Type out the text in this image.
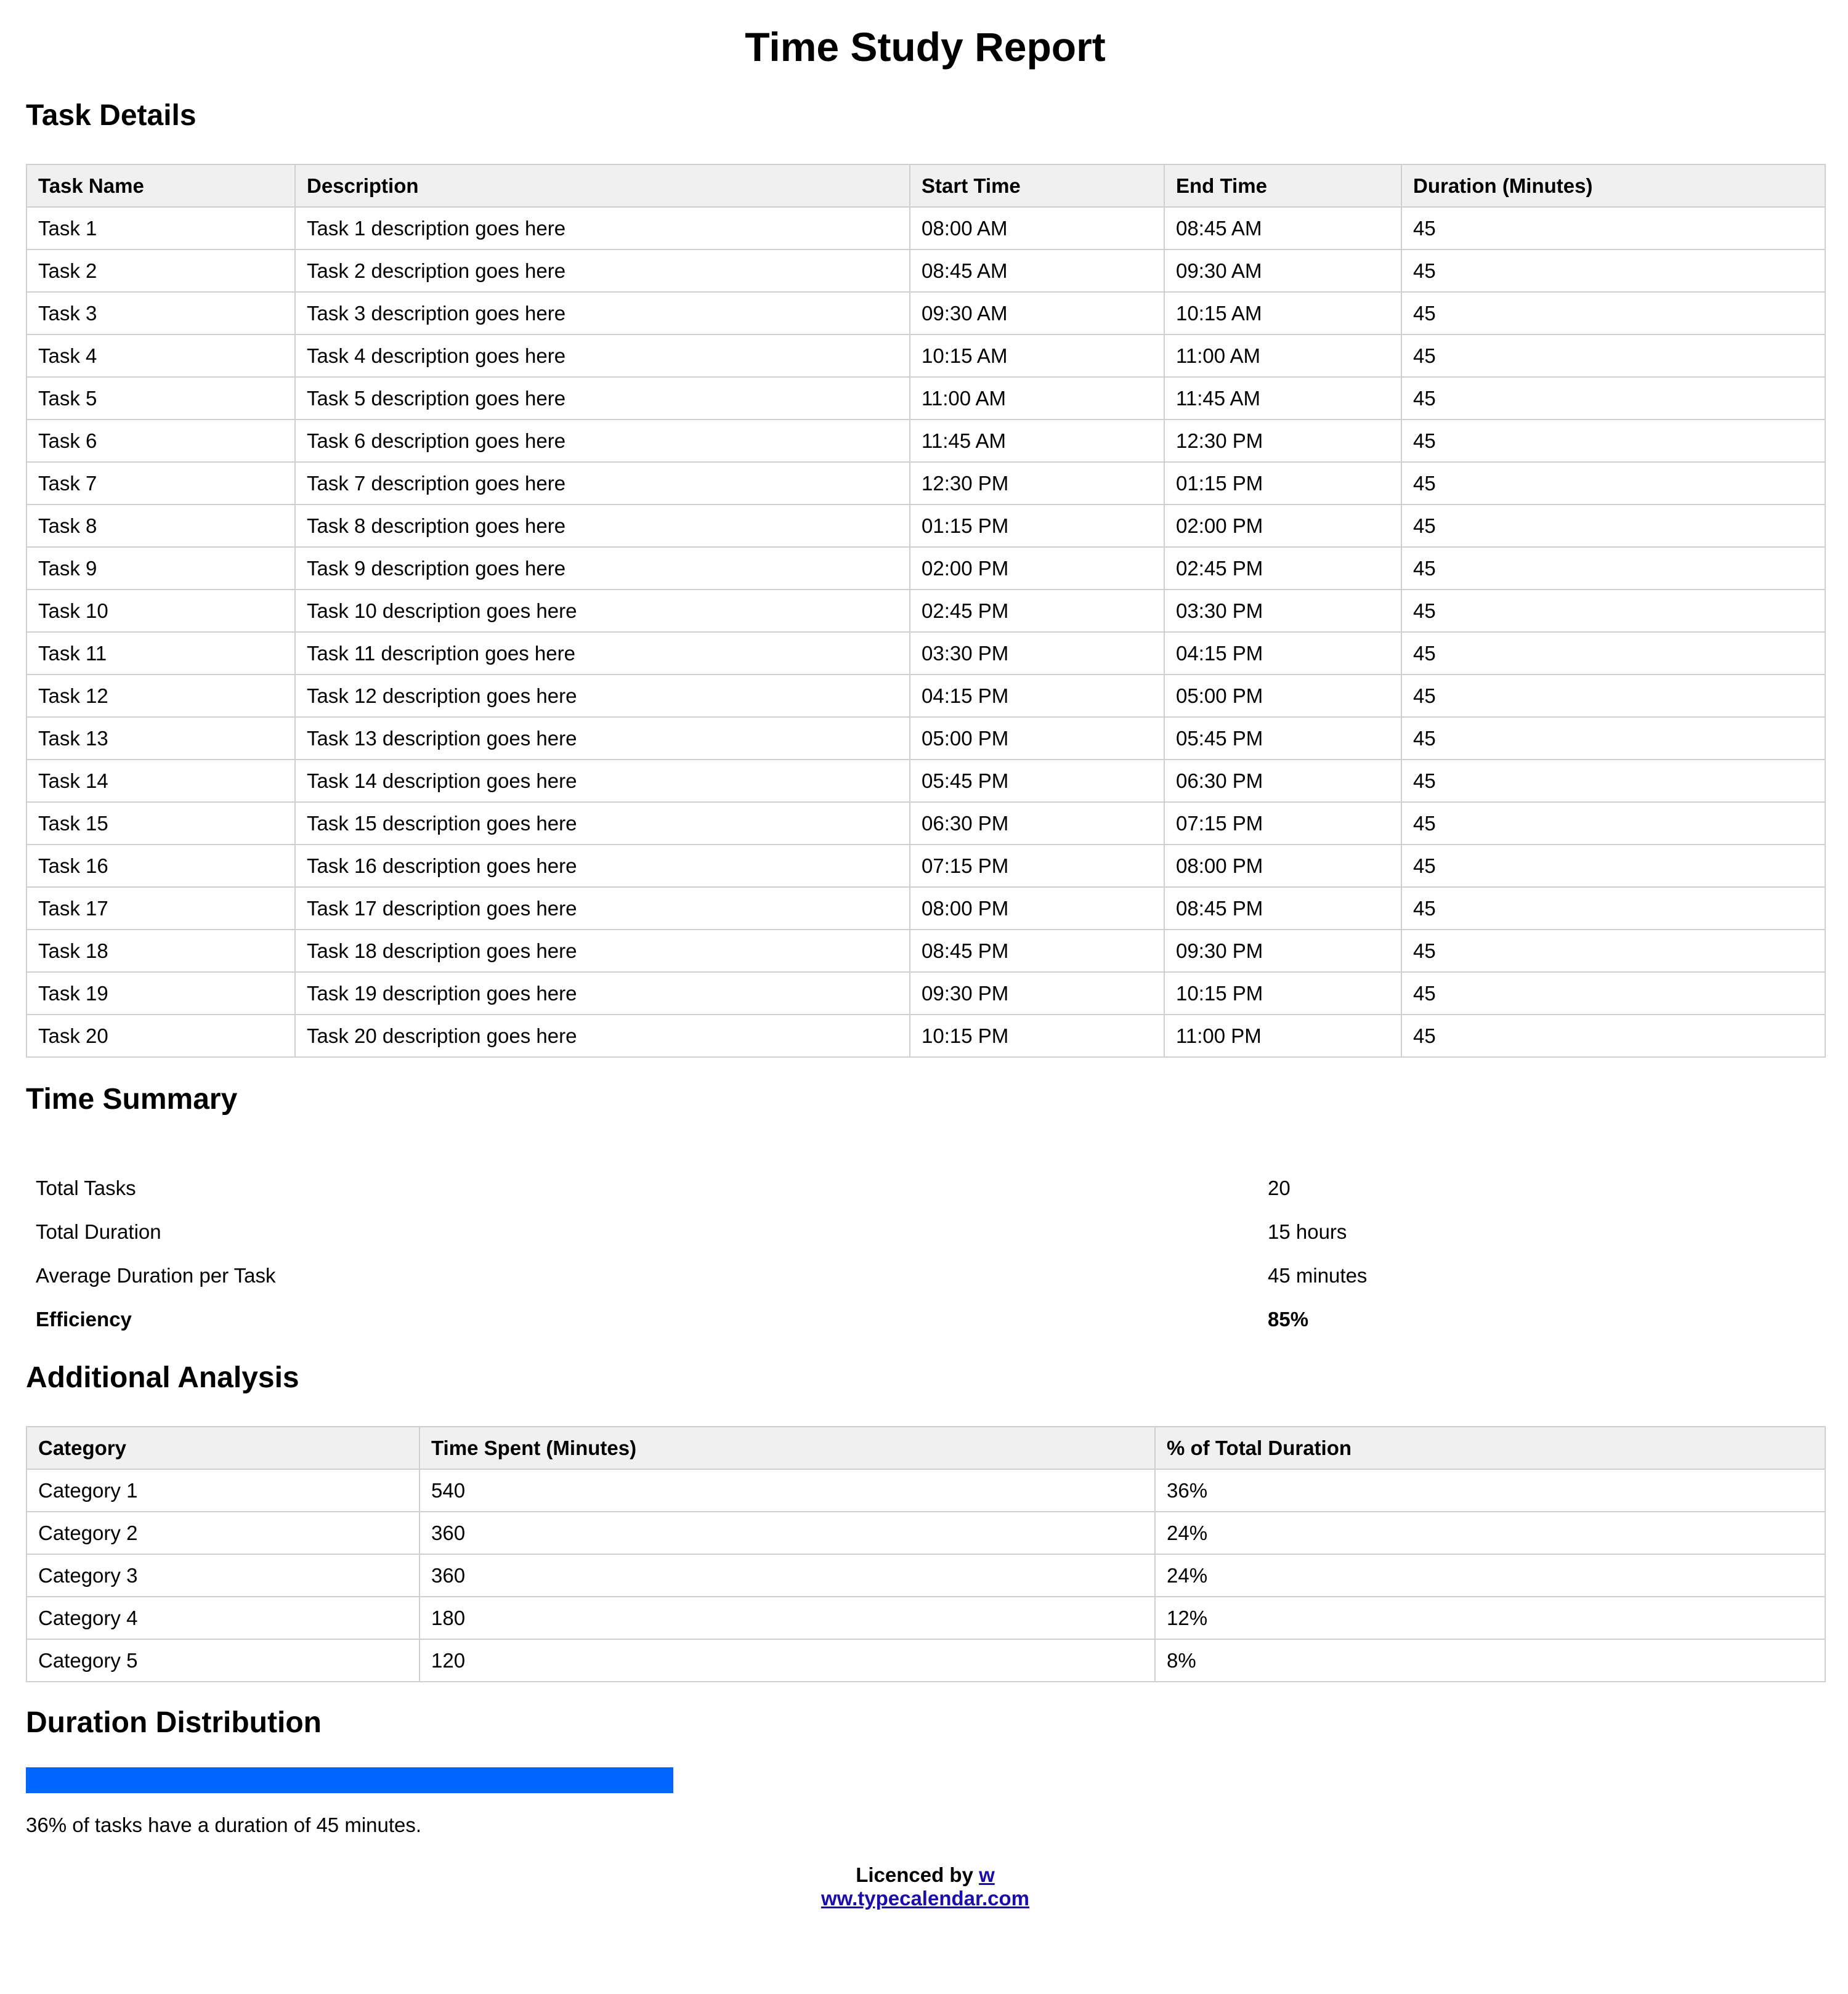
Time Study Report
Task Details
Task Name	Description	Start Time	End Time	Duration (Minutes)
Task 1	Task 1 description goes here	08:00 AM	08:45 AM	45
Task 2	Task 2 description goes here	08:45 AM	09:30 AM	45
Task 3	Task 3 description goes here	09:30 AM	10:15 AM	45
Task 4	Task 4 description goes here	10:15 AM	11:00 AM	45
Task 5	Task 5 description goes here	11:00 AM	11:45 AM	45
Task 6	Task 6 description goes here	11:45 AM	12:30 PM	45
Task 7	Task 7 description goes here	12:30 PM	01:15 PM	45
Task 8	Task 8 description goes here	01:15 PM	02:00 PM	45
Task 9	Task 9 description goes here	02:00 PM	02:45 PM	45
Task 10	Task 10 description goes here	02:45 PM	03:30 PM	45
Task 11	Task 11 description goes here	03:30 PM	04:15 PM	45
Task 12	Task 12 description goes here	04:15 PM	05:00 PM	45
Task 13	Task 13 description goes here	05:00 PM	05:45 PM	45
Task 14	Task 14 description goes here	05:45 PM	06:30 PM	45
Task 15	Task 15 description goes here	06:30 PM	07:15 PM	45
Task 16	Task 16 description goes here	07:15 PM	08:00 PM	45
Task 17	Task 17 description goes here	08:00 PM	08:45 PM	45
Task 18	Task 18 description goes here	08:45 PM	09:30 PM	45
Task 19	Task 19 description goes here	09:30 PM	10:15 PM	45
Task 20	Task 20 description goes here	10:15 PM	11:00 PM	45
Time Summary
Total Tasks	20
Total Duration	15 hours
Average Duration per Task	45 minutes
Efficiency	85%
Additional Analysis
Category	Time Spent (Minutes)	% of Total Duration
Category 1	540	36%
Category 2	360	24%
Category 3	360	24%
Category 4	180	12%
Category 5	120	8%
Duration Distribution
36% of tasks have a duration of 45 minutes.
Licenced by w
ww.typecalendar.com
